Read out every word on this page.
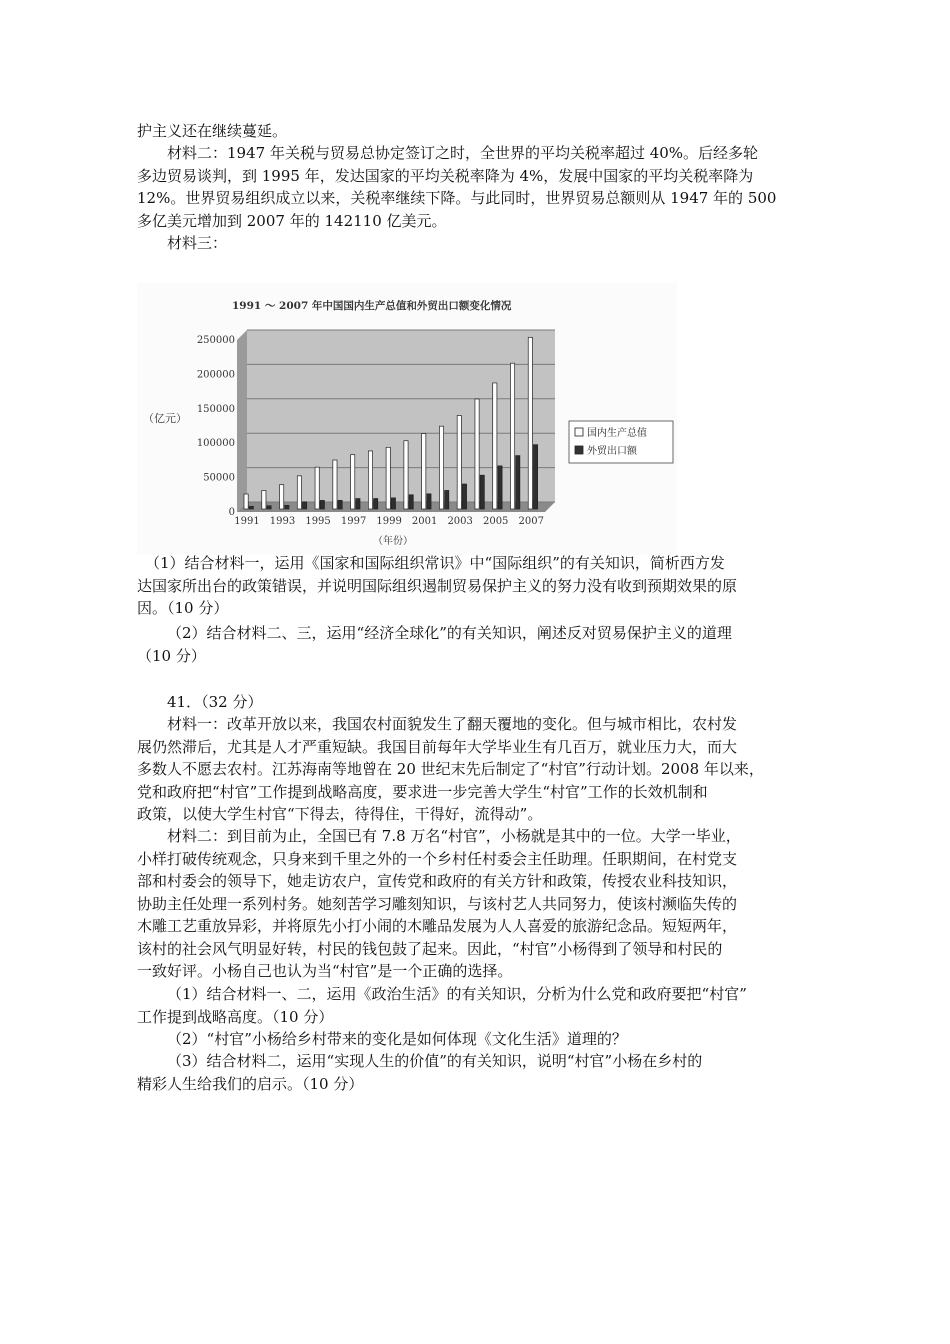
护主义还在继续蔓延。
材料二：1947 年关税与贸易总协定签订之时，全世界的平均关税率超过 40%。后经多轮
多边贸易谈判，到 1995 年，发达国家的平均关税率降为 4%，发展中国家的平均关税率降为
12%。世界贸易组织成立以来，关税率继续下降。与此同时，世界贸易总额则从 1947 年的 500
多亿美元增加到 2007 年的 142110 亿美元。
材料三：
1991 ～ 2007 年中国国内生产总值和外贸出口额变化情况
0
50000
100000
150000
200000
250000
1991 1993 1995 1997 1999 2001 2003 2005 2007
（亿元）
（年份）
国内生产总值
外贸出口额
（1）结合材料一，运用《国家和国际组织常识》中“国际组织”的有关知识，简析西方发
达国家所出台的政策错误，并说明国际组织遏制贸易保护主义的努力没有收到预期效果的原
因。（10 分）
（2）结合材料二、三，运用“经济全球化”的有关知识，阐述反对贸易保护主义的道理
（10 分）
41．（32 分）
材料一：改革开放以来，我国农村面貌发生了翻天覆地的变化。但与城市相比，农村发
展仍然滞后，尤其是人才严重短缺。我国目前每年大学毕业生有几百万，就业压力大，而大
多数人不愿去农村。江苏海南等地曾在 20 世纪末先后制定了“村官”行动计划。2008 年以来，
党和政府把“村官”工作提到战略高度，要求进一步完善大学生“村官”工作的长效机制和
政策，以使大学生村官“下得去，待得住，干得好，流得动”。
材料二：到目前为止，全国已有 7.8 万名“村官”，小杨就是其中的一位。大学一毕业，
小样打破传统观念，只身来到千里之外的一个乡村任村委会主任助理。任职期间，在村党支
部和村委会的领导下，她走访农户，宣传党和政府的有关方针和政策，传授农业科技知识，
协助主任处理一系列村务。她刻苦学习雕刻知识，与该村艺人共同努力，使该村濒临失传的
木雕工艺重放异彩，并将原先小打小闹的木雕品发展为人人喜爱的旅游纪念品。短短两年，
该村的社会风气明显好转，村民的钱包鼓了起来。因此，“村官”小杨得到了领导和村民的
一致好评。小杨自己也认为当“村官”是一个正确的选择。
（1）结合材料一、二，运用《政治生活》的有关知识，分析为什么党和政府要把“村官”
工作提到战略高度。（10 分）
（2）“村官”小杨给乡村带来的变化是如何体现《文化生活》道理的？
（3）结合材料二，运用“实现人生的价值”的有关知识，说明“村官”小杨在乡村的
精彩人生给我们的启示。（10 分）
